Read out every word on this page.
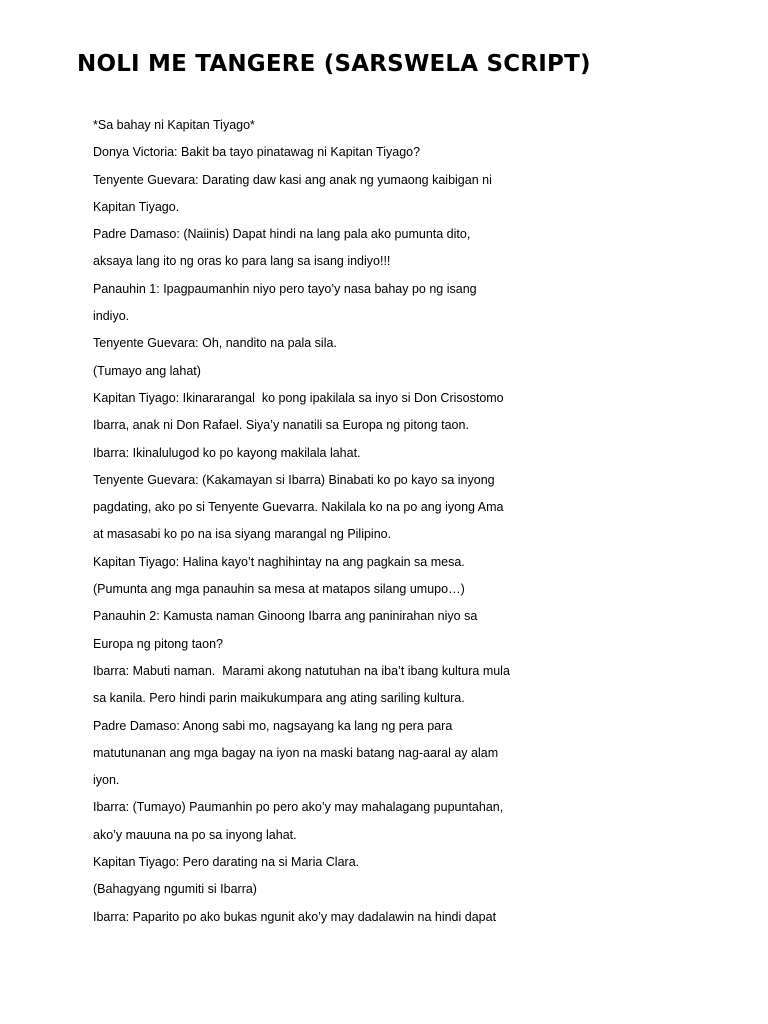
NOLI ME TANGERE (SARSWELA SCRIPT)
*Sa bahay ni Kapitan Tiyago*
Donya Victoria: Bakit ba tayo pinatawag ni Kapitan Tiyago?
Tenyente Guevara: Darating daw kasi ang anak ng yumaong kaibigan ni
Kapitan Tiyago.
Padre Damaso: (Naiinis) Dapat hindi na lang pala ako pumunta dito,
aksaya lang ito ng oras ko para lang sa isang indiyo!!!
Panauhin 1: Ipagpaumanhin niyo pero tayo’y nasa bahay po ng isang
indiyo.
Tenyente Guevara: Oh, nandito na pala sila.
(Tumayo ang lahat)
Kapitan Tiyago: Ikinararangal  ko pong ipakilala sa inyo si Don Crisostomo
Ibarra, anak ni Don Rafael. Siya’y nanatili sa Europa ng pitong taon.
Ibarra: Ikinalulugod ko po kayong makilala lahat.
Tenyente Guevara: (Kakamayan si Ibarra) Binabati ko po kayo sa inyong
pagdating, ako po si Tenyente Guevarra. Nakilala ko na po ang iyong Ama
at masasabi ko po na isa siyang marangal ng Pilipino.
Kapitan Tiyago: Halina kayo’t naghihintay na ang pagkain sa mesa.
(Pumunta ang mga panauhin sa mesa at matapos silang umupo…)
Panauhin 2: Kamusta naman Ginoong Ibarra ang paninirahan niyo sa
Europa ng pitong taon?
Ibarra: Mabuti naman.  Marami akong natutuhan na iba’t ibang kultura mula
sa kanila. Pero hindi parin maikukumpara ang ating sariling kultura.
Padre Damaso: Anong sabi mo, nagsayang ka lang ng pera para
matutunanan ang mga bagay na iyon na maski batang nag-aaral ay alam
iyon.
Ibarra: (Tumayo) Paumanhin po pero ako’y may mahalagang pupuntahan,
ako’y mauuna na po sa inyong lahat.
Kapitan Tiyago: Pero darating na si Maria Clara.
(Bahagyang ngumiti si Ibarra)
Ibarra: Paparito po ako bukas ngunit ako’y may dadalawin na hindi dapat
